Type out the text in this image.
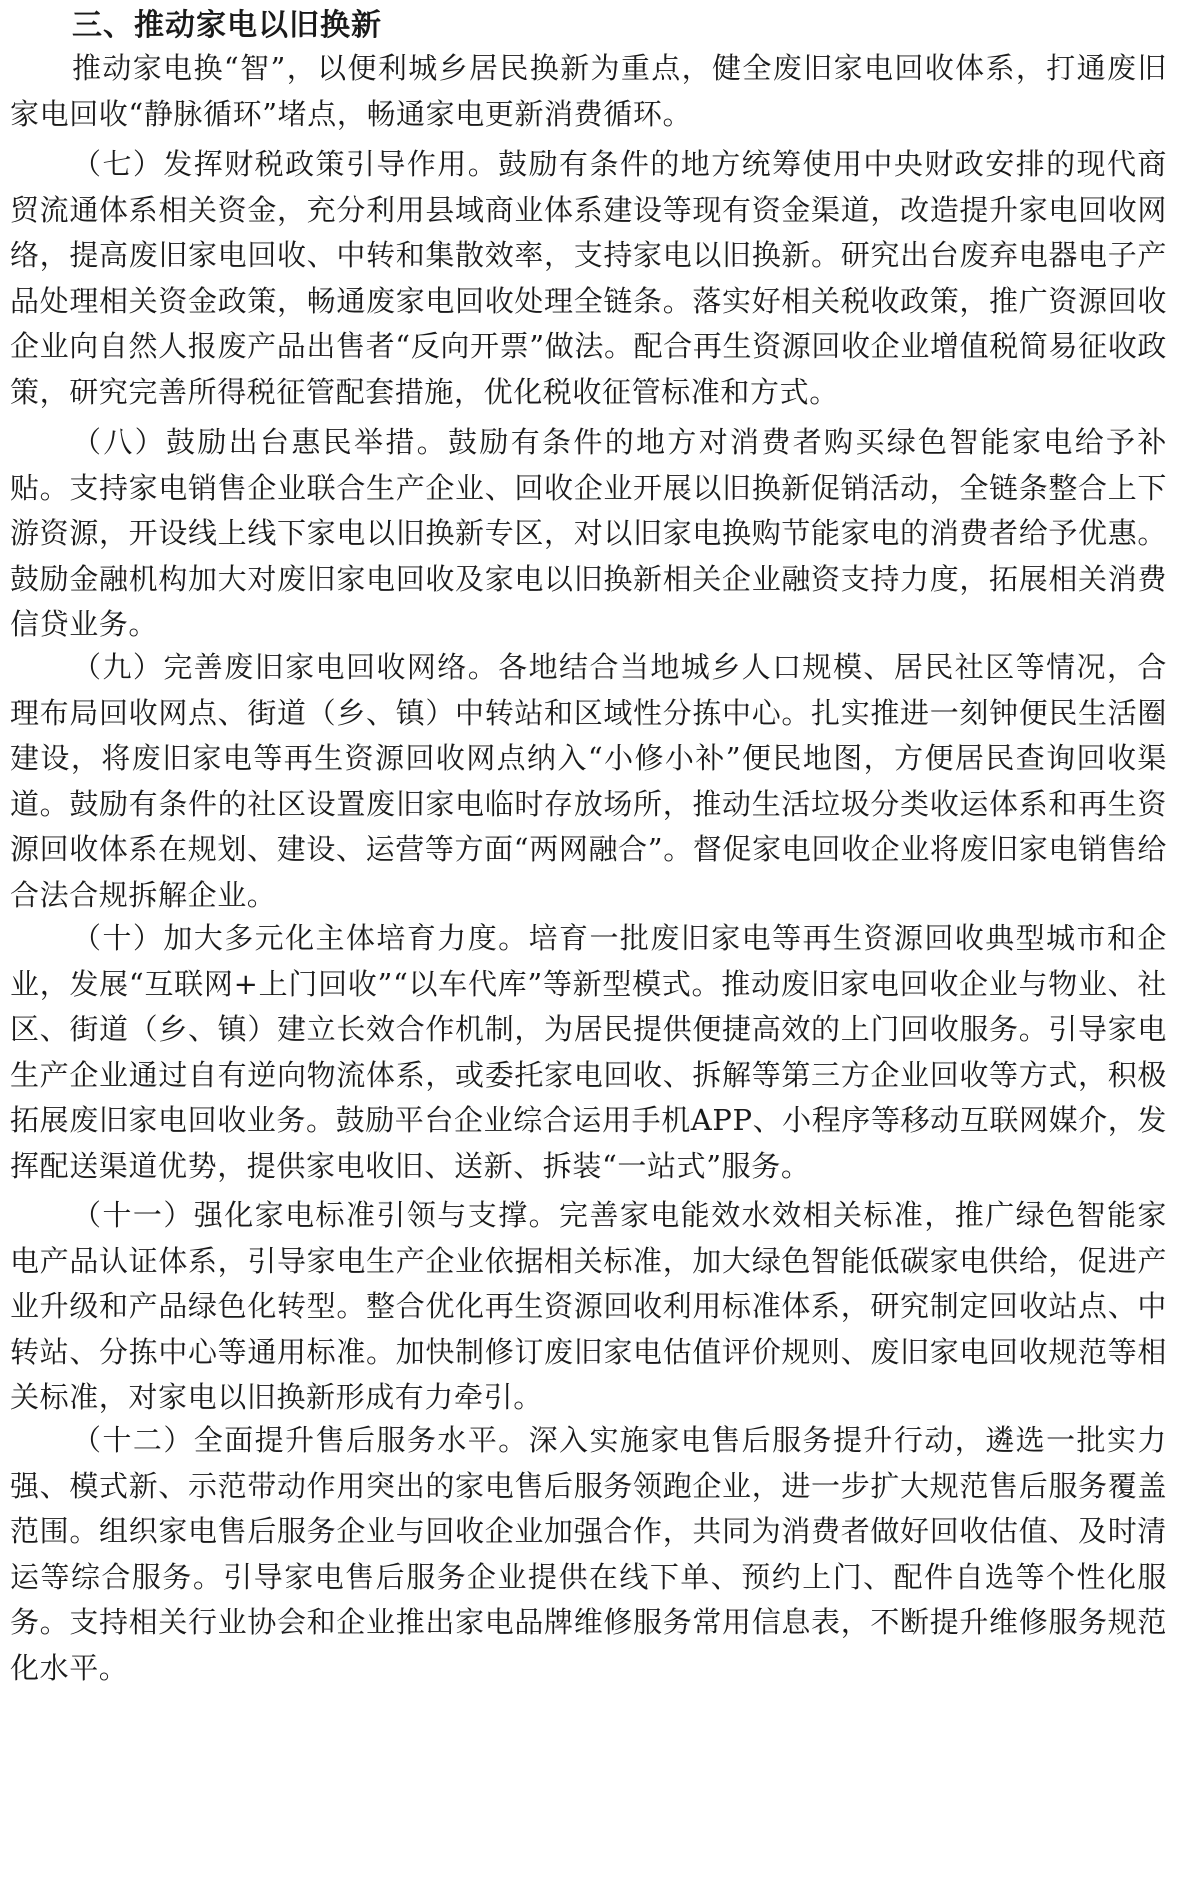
三、推动家电以旧换新

推动家电换“智”，以便利城乡居民换新为重点，健全废旧家电回收体系，打通废旧家电回收“静脉循环”堵点，畅通家电更新消费循环。

（七）发挥财税政策引导作用。鼓励有条件的地方统筹使用中央财政安排的现代商贸流通体系相关资金，充分利用县域商业体系建设等现有资金渠道，改造提升家电回收网络，提高废旧家电回收、中转和集散效率，支持家电以旧换新。研究出台废弃电器电子产品处理相关资金政策，畅通废家电回收处理全链条。落实好相关税收政策，推广资源回收企业向自然人报废产品出售者“反向开票”做法。配合再生资源回收企业增值税简易征收政策，研究完善所得税征管配套措施，优化税收征管标准和方式。

（八）鼓励出台惠民举措。鼓励有条件的地方对消费者购买绿色智能家电给予补贴。支持家电销售企业联合生产企业、回收企业开展以旧换新促销活动，全链条整合上下游资源，开设线上线下家电以旧换新专区，对以旧家电换购节能家电的消费者给予优惠。鼓励金融机构加大对废旧家电回收及家电以旧换新相关企业融资支持力度，拓展相关消费信贷业务。

（九）完善废旧家电回收网络。各地结合当地城乡人口规模、居民社区等情况，合理布局回收网点、街道（乡、镇）中转站和区域性分拣中心。扎实推进一刻钟便民生活圈建设，将废旧家电等再生资源回收网点纳入“小修小补”便民地图，方便居民查询回收渠道。鼓励有条件的社区设置废旧家电临时存放场所，推动生活垃圾分类收运体系和再生资源回收体系在规划、建设、运营等方面“两网融合”。督促家电回收企业将废旧家电销售给合法合规拆解企业。

（十）加大多元化主体培育力度。培育一批废旧家电等再生资源回收典型城市和企业，发展“互联网+上门回收”“以车代库”等新型模式。推动废旧家电回收企业与物业、社区、街道（乡、镇）建立长效合作机制，为居民提供便捷高效的上门回收服务。引导家电生产企业通过自有逆向物流体系，或委托家电回收、拆解等第三方企业回收等方式，积极拓展废旧家电回收业务。鼓励平台企业综合运用手机APP、小程序等移动互联网媒介，发挥配送渠道优势，提供家电收旧、送新、拆装“一站式”服务。

（十一）强化家电标准引领与支撑。完善家电能效水效相关标准，推广绿色智能家电产品认证体系，引导家电生产企业依据相关标准，加大绿色智能低碳家电供给，促进产业升级和产品绿色化转型。整合优化再生资源回收利用标准体系，研究制定回收站点、中转站、分拣中心等通用标准。加快制修订废旧家电估值评价规则、废旧家电回收规范等相关标准，对家电以旧换新形成有力牵引。

（十二）全面提升售后服务水平。深入实施家电售后服务提升行动，遴选一批实力强、模式新、示范带动作用突出的家电售后服务领跑企业，进一步扩大规范售后服务覆盖范围。组织家电售后服务企业与回收企业加强合作，共同为消费者做好回收估值、及时清运等综合服务。引导家电售后服务企业提供在线下单、预约上门、配件自选等个性化服务。支持相关行业协会和企业推出家电品牌维修服务常用信息表，不断提升维修服务规范化水平。
